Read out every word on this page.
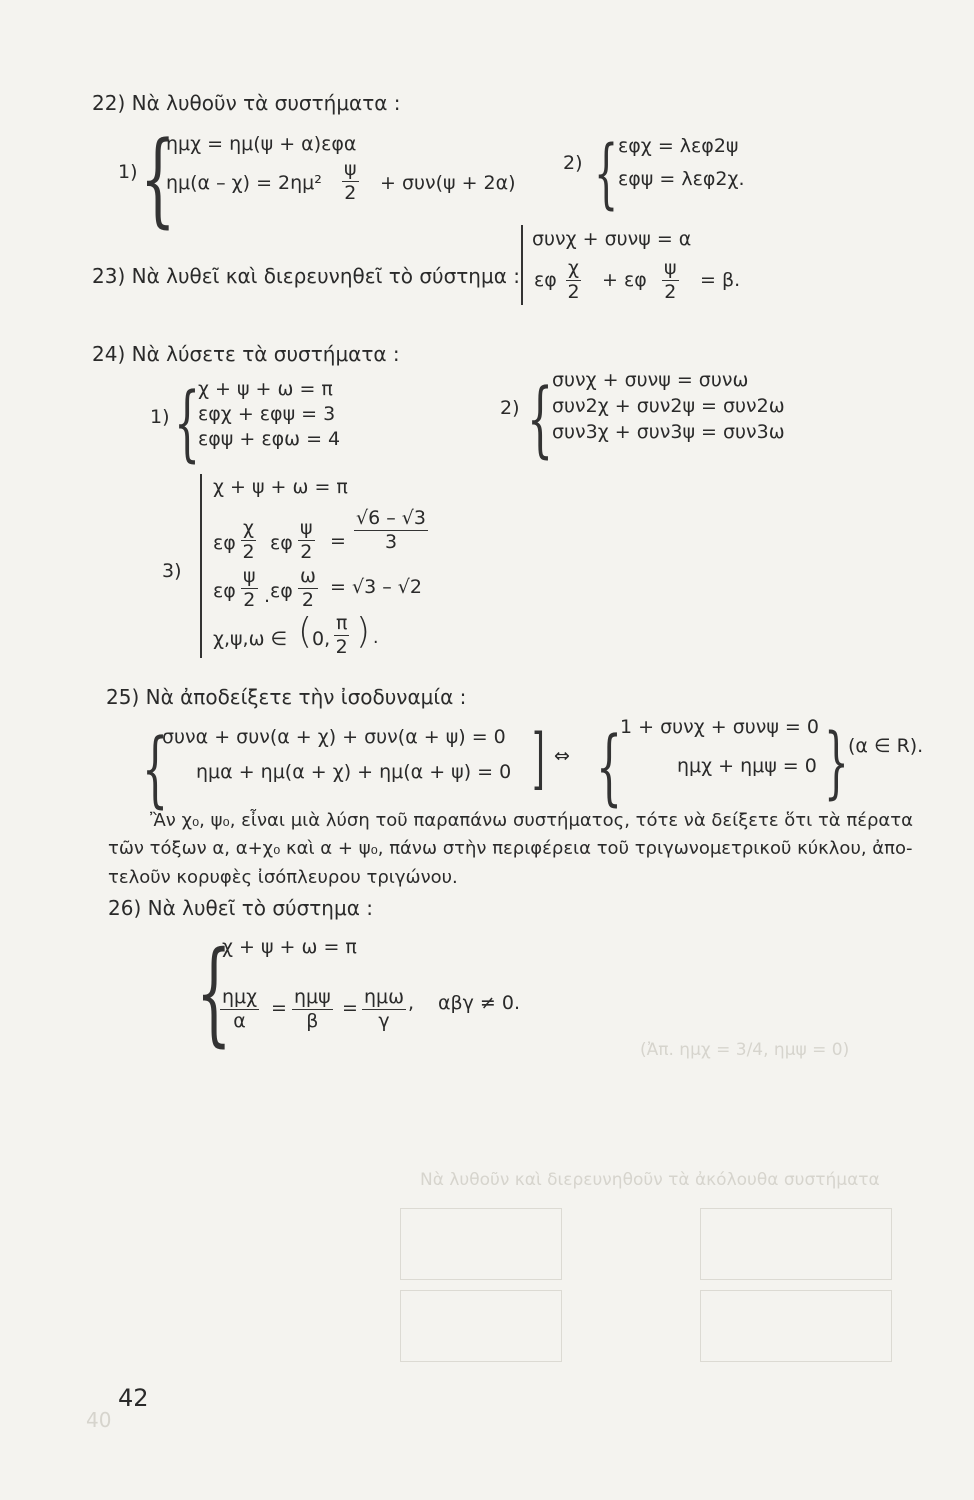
(Ἀπ. ημχ = 3/4, ημψ = 0)
Νὰ λυθοῦν καὶ διερευνηθοῦν τὰ ἀκόλουθα συστήματα
40
22) Νὰ λυθοῦν τὰ συστήματα :
1) {
ημχ = ημ(ψ + α)εφα
$\eta\mu(\alpha - \chi) = 2\eta\mu^2 \frac{\psi}{2} + \sigma\upsilon\nu(\psi + 2\alpha)$
2) { εφχ = λεφ2ψ
εφψ = λεφ2χ.
23) Νὰ λυθεῖ καὶ διερευνηθεῖ τὸ σύστημα :
συνχ + συνψ = α
εφ $\frac{\chi}{2} + \varepsilon\varphi \frac{\psi}{2} = \beta$.
24) Νὰ λύσετε τὰ συστήματα :
1) {
χ + ψ + ω = π
εφχ + εφψ = 3
εφψ + εφω = 4
2) {
συνχ + συνψ = συνω
συν2χ + συν2ψ = συν2ω
συν3χ + συν3ψ = συν3ω
3)
χ + ψ + ω = π
εφ $\frac{\chi}{2}$ εφ $\frac{\psi}{2} = \frac{√6 - √3}{3}$
εφ $\frac{\psi}{2}$ . εφ $\frac{\omega}{2} = √3 - √2$
χ,ψ,ω ∈ ( 0, $\frac{\pi}{2}$ ).
25) Νὰ ἀποδείξετε τὴν ἰσοδυναμία :
{
συνα + συν(α + χ) + συν(α + ψ) = 0
ημα + ημ(α + χ) + ημ(α + ψ) = 0 ] ⇔ {
1 + συνχ + συνψ = 0
ημχ + ημψ = 0 } (α ∈ R).
Ἂν χ₀, ψ₀, εἶναι μιὰ λύση τοῦ παραπάνω συστήματος, τότε νὰ δείξετε ὅτι τὰ πέρατα
τῶν τόξων α, α+χ₀ καὶ α + ψ₀, πάνω στὴν περιφέρεια τοῦ τριγωνομετρικοῦ κύκλου, ἀπο-
τελοῦν κορυφὲς ἰσόπλευρου τριγώνου.
26) Νὰ λυθεῖ τὸ σύστημα :
{
χ + ψ + ω = π
ημχ
α
= ημψ
β
= ημω
γ
, αβγ ≠ 0.
42
